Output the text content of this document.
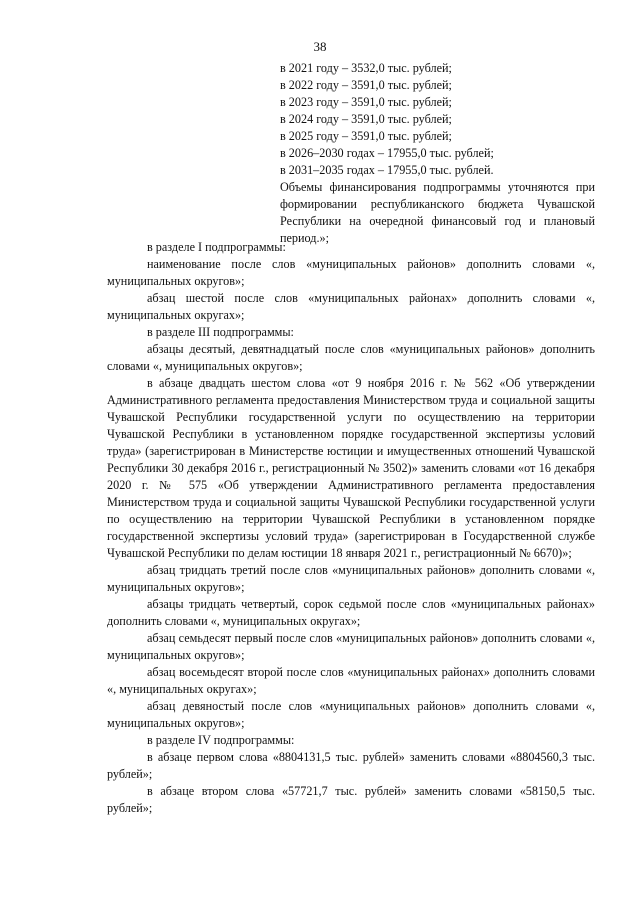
38
в 2021 году – 3532,0 тыс. рублей;
в 2022 году – 3591,0 тыс. рублей;
в 2023 году – 3591,0 тыс. рублей;
в 2024 году – 3591,0 тыс. рублей;
в 2025 году – 3591,0 тыс. рублей;
в 2026–2030 годах – 17955,0 тыс. рублей;
в 2031–2035 годах – 17955,0 тыс. рублей.

Объемы финансирования подпрограммы уточняются при формировании республиканского бюджета Чувашской Республики на очередной финансовый год и плановый период.»;

в разделе I подпрограммы:

наименование после слов «муниципальных районов» дополнить словами «, муниципальных округов»;

абзац шестой после слов «муниципальных районах» дополнить словами «, муниципальных округах»;

в разделе III подпрограммы:

абзацы десятый, девятнадцатый после слов «муниципальных районов» дополнить словами «, муниципальных округов»;

в абзаце двадцать шестом слова «от 9 ноября 2016 г. № 562 «Об утверждении Административного регламента предоставления Министерством труда и социальной защиты Чувашской Республики государственной услуги по осуществлению на территории Чувашской Республики в установленном порядке государственной экспертизы условий труда» (зарегистрирован в Министерстве юстиции и имущественных отношений Чувашской Республики 30 декабря 2016 г., регистрационный № 3502)» заменить словами «от 16 декабря 2020 г. № 575 «Об утверждении Административного регламента предоставления Министерством труда и социальной защиты Чувашской Республики государственной услуги по осуществлению на территории Чувашской Республики в установленном порядке государственной экспертизы условий труда» (зарегистрирован в Государственной службе Чувашской Республики по делам юстиции 18 января 2021 г., регистрационный № 6670)»;

абзац тридцать третий после слов «муниципальных районов» дополнить словами «, муниципальных округов»;

абзацы тридцать четвертый, сорок седьмой после слов «муниципальных районах» дополнить словами «, муниципальных округах»;

абзац семьдесят первый после слов «муниципальных районов» дополнить словами «, муниципальных округов»;

абзац восемьдесят второй после слов «муниципальных районах» дополнить словами «, муниципальных округах»;

абзац девяностый после слов «муниципальных районов» дополнить словами «, муниципальных округов»;

в разделе IV подпрограммы:

в абзаце первом слова «8804131,5 тыс. рублей» заменить словами «8804560,3 тыс. рублей»;

в абзаце втором слова «57721,7 тыс. рублей» заменить словами «58150,5 тыс. рублей»;
